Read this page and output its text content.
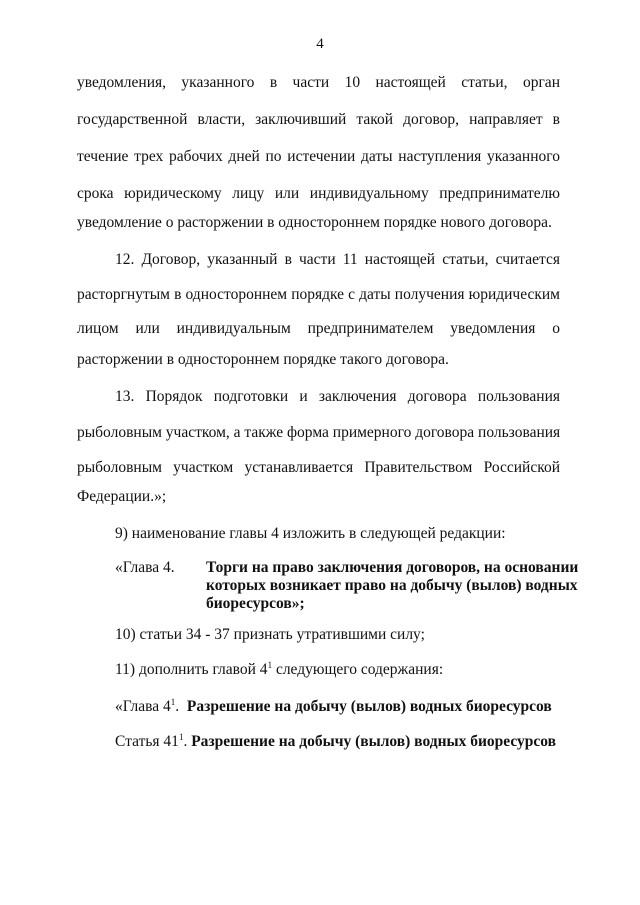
4
уведомления, указанного в части 10 настоящей статьи, орган
государственной власти, заключивший такой договор, направляет в
течение трех рабочих дней по истечении даты наступления указанного
срока юридическому лицу или индивидуальному предпринимателю
уведомление о расторжении в одностороннем порядке нового договора.
12. Договор, указанный в части 11 настоящей статьи, считается
расторгнутым в одностороннем порядке с даты получения юридическим
лицом или индивидуальным предпринимателем уведомления о
расторжении в одностороннем порядке такого договора.
13. Порядок подготовки и заключения договора пользования
рыболовным участком, а также форма примерного договора пользования
рыболовным участком устанавливается Правительством Российской
Федерации.»;
9) наименование главы 4 изложить в следующей редакции:
«Глава 4.	Торги на право заключения договоров, на основании
которых возникает право на добычу (вылов) водных
биоресурсов»;
10) статьи 34 - 37 признать утратившими силу;
11) дополнить главой $4^1$ следующего содержания:
«Глава $4^1$. Разрешение на добычу (вылов) водных биоресурсов
Статья $41^1$. Разрешение на добычу (вылов) водных биоресурсов
